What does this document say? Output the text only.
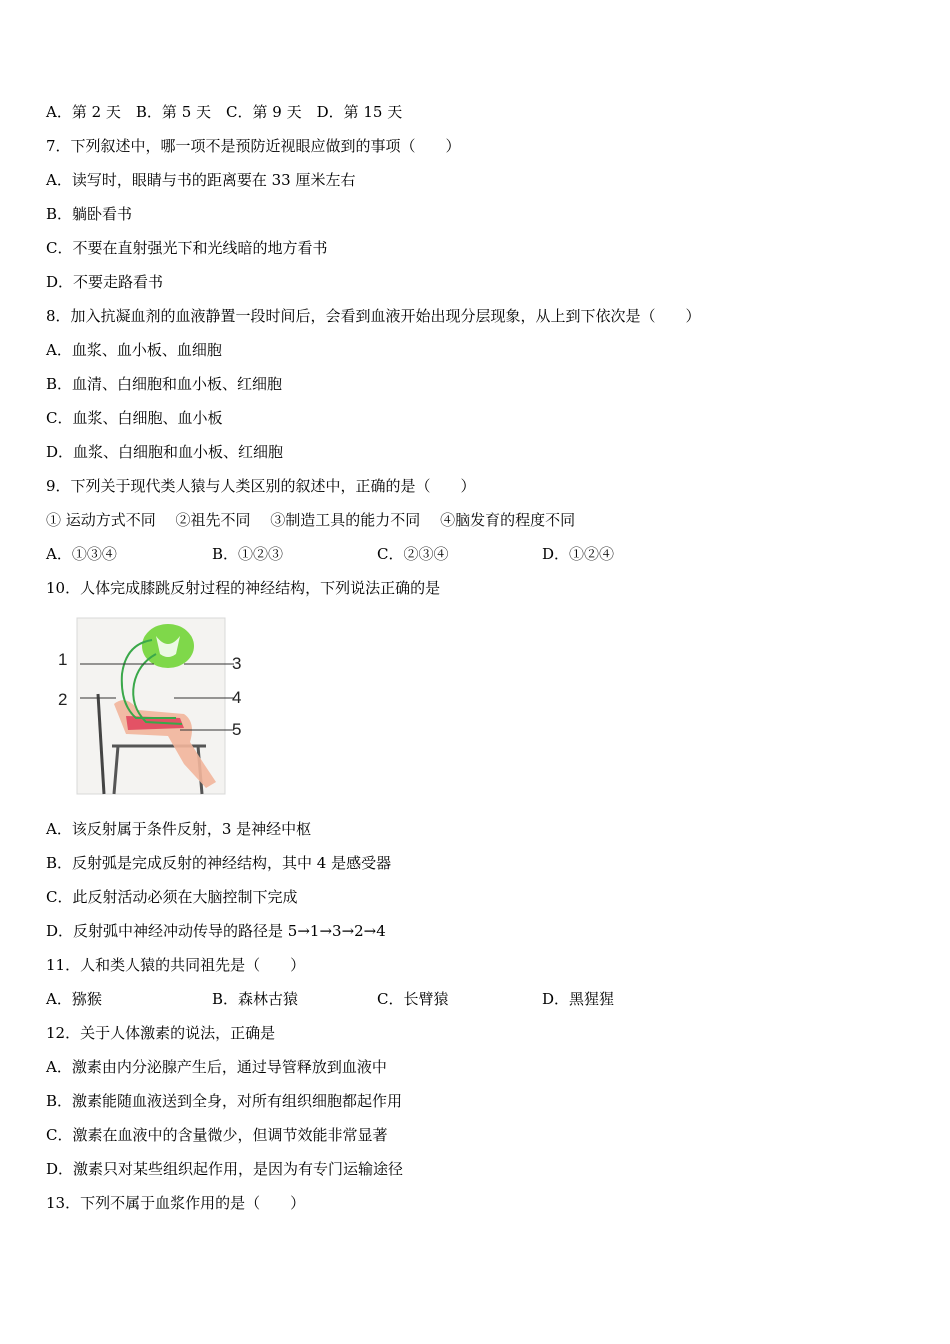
A．第 2 天　B．第 5 天　C．第 9 天　D．第 15 天
7．下列叙述中，哪一项不是预防近视眼应做到的事项（　　）
A．读写时，眼睛与书的距离要在 33 厘米左右
B．躺卧看书
C．不要在直射强光下和光线暗的地方看书
D．不要走路看书
8．加入抗凝血剂的血液静置一段时间后，会看到血液开始出现分层现象，从上到下依次是（　　）
A．血浆、血小板、血细胞
B．血清、白细胞和血小板、红细胞
C．血浆、白细胞、血小板
D．血浆、白细胞和血小板、红细胞
9．下列关于现代类人猿与人类区别的叙述中，正确的是（　　）
① 运动方式不同　 ②祖先不同　 ③制造工具的能力不同　 ④脑发育的程度不同
A．①③④	B．①②③	C．②③④	D．①②④
10．人体完成膝跳反射过程的神经结构，下列说法正确的是
1
2
3
4
5
A．该反射属于条件反射，3 是神经中枢
B．反射弧是完成反射的神经结构，其中 4 是感受器
C．此反射活动必须在大脑控制下完成
D．反射弧中神经冲动传导的路径是 5→1→3→2→4
11．人和类人猿的共同祖先是（　　）
A．猕猴	B．森林古猿	C．长臂猿	D．黑猩猩
12．关于人体激素的说法，正确是
A．激素由内分泌腺产生后，通过导管释放到血液中
B．激素能随血液送到全身，对所有组织细胞都起作用
C．激素在血液中的含量微少，但调节效能非常显著
D．激素只对某些组织起作用，是因为有专门运输途径
13．下列不属于血浆作用的是（　　）
